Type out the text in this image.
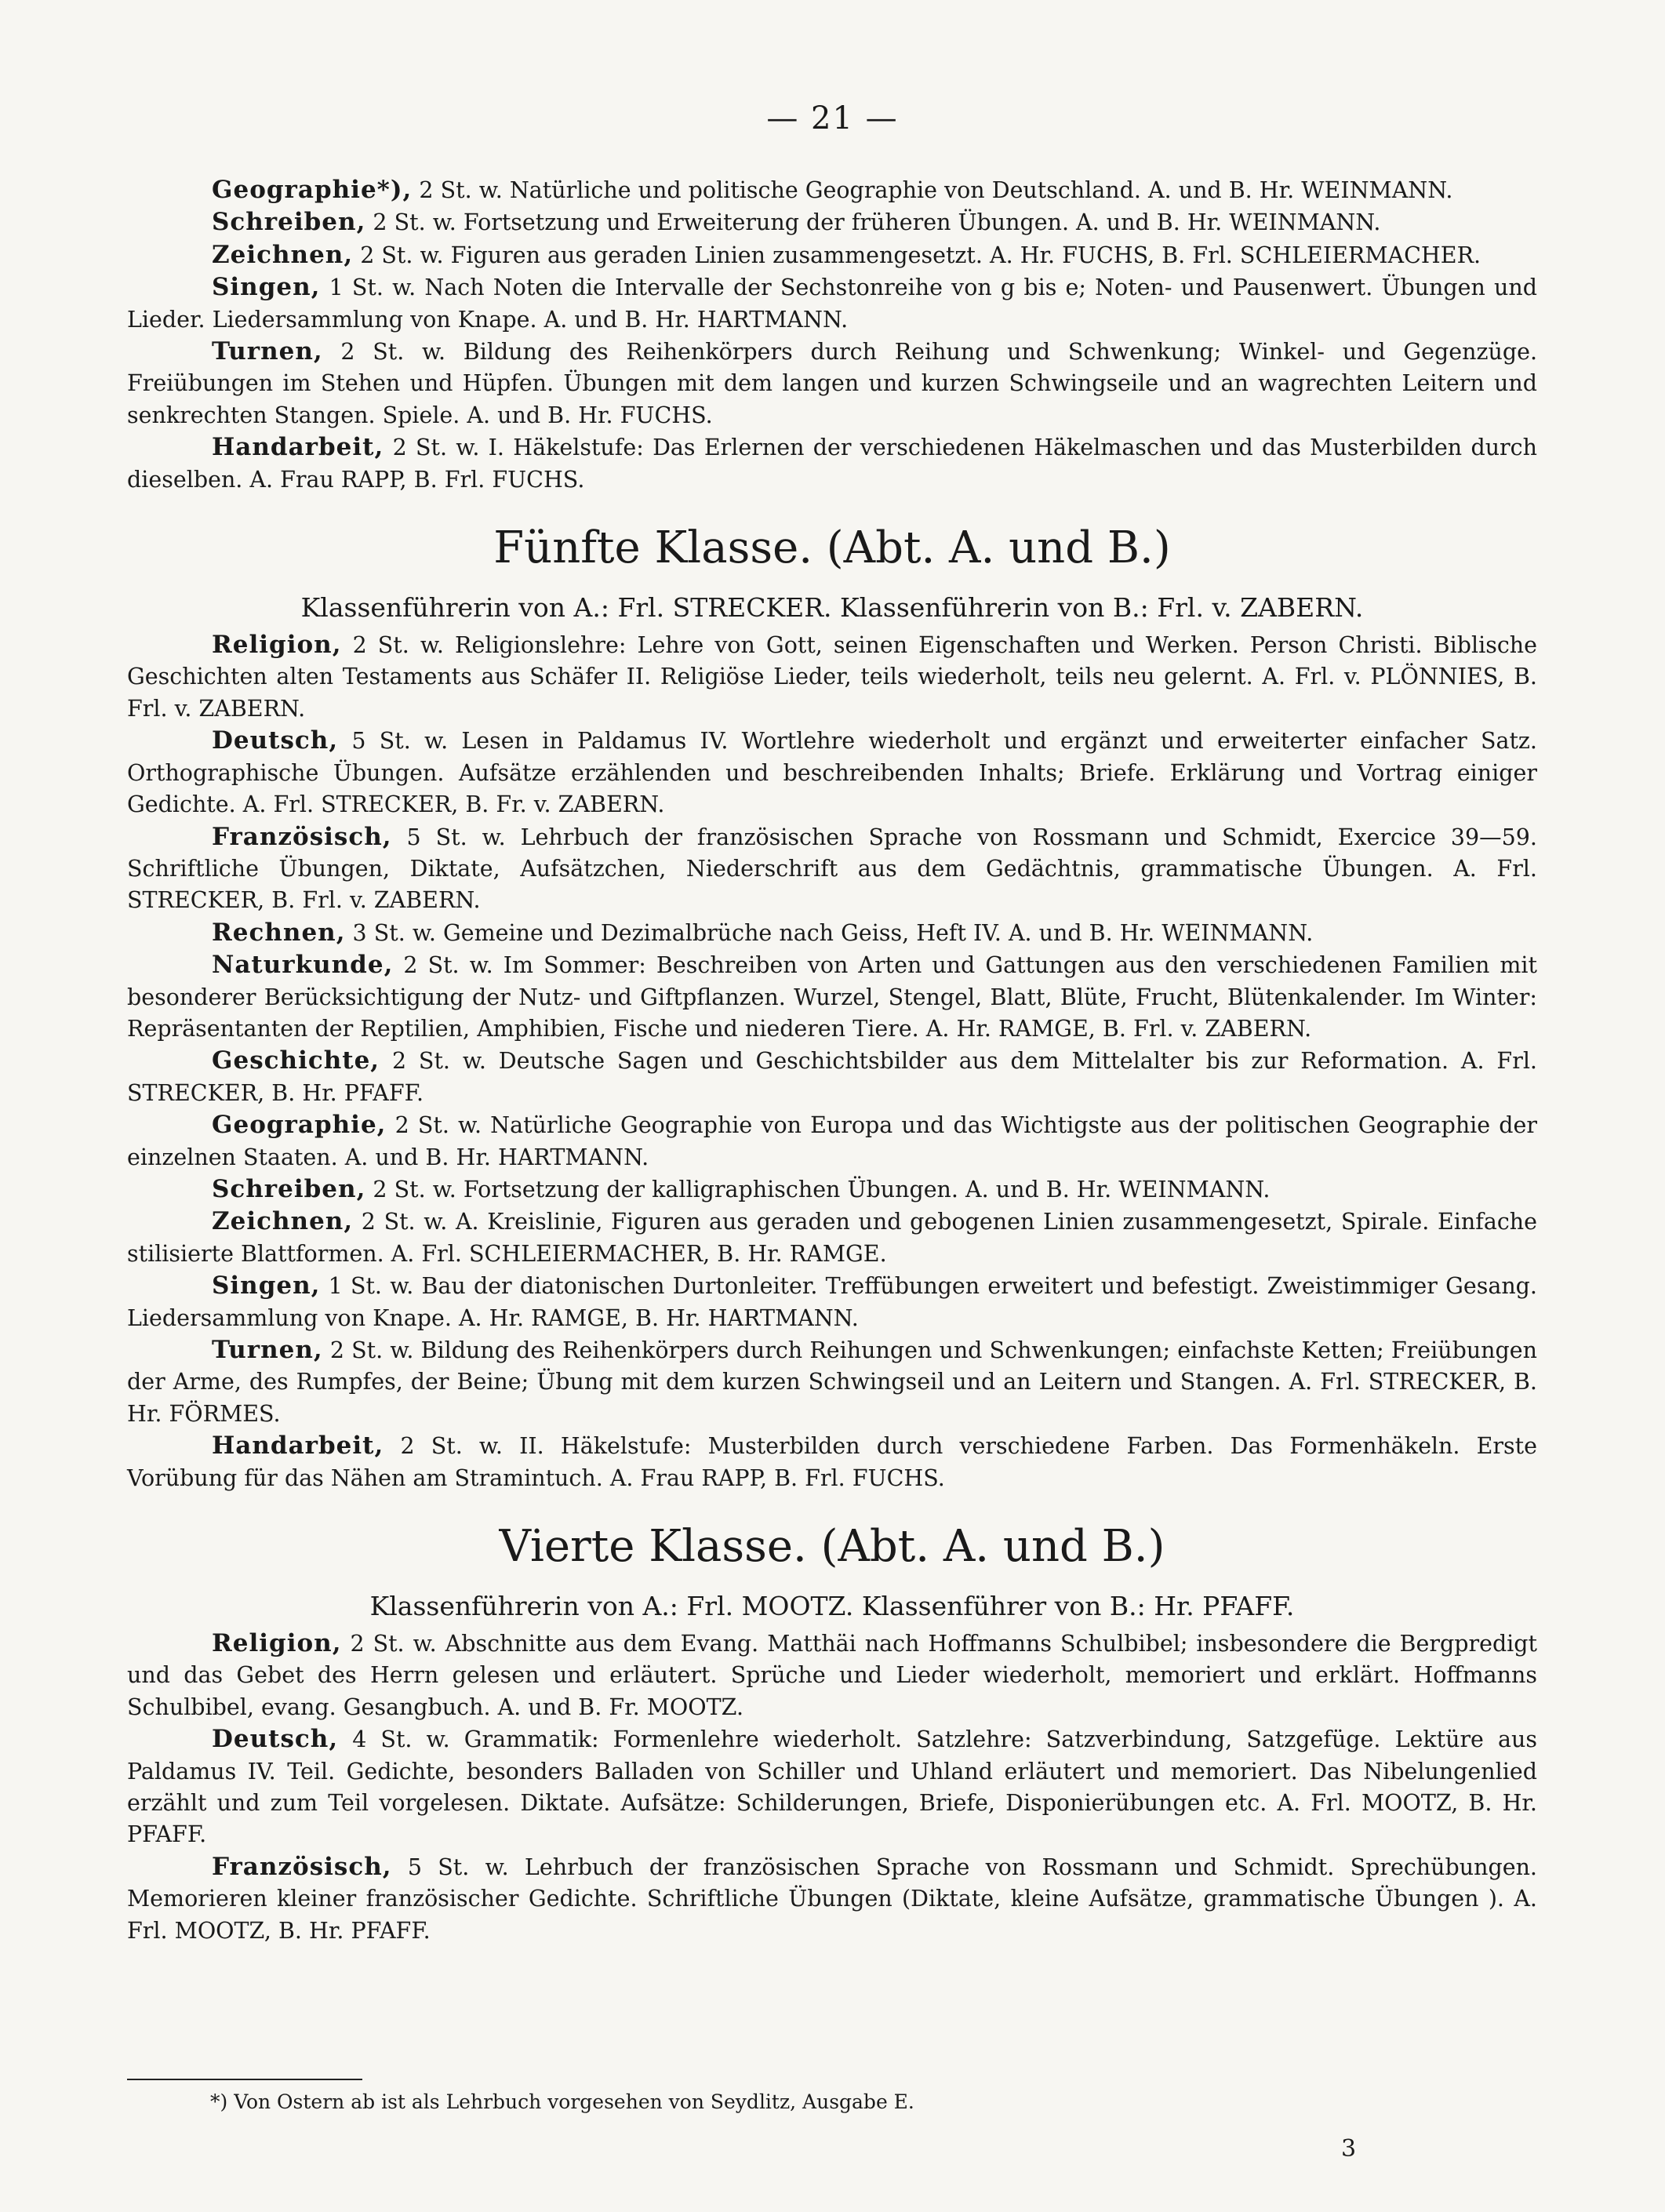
— 21 —

Geographie*), 2 St. w. Natürliche und politische Geographie von Deutschland. A. und B. Hr. WEINMANN.

Schreiben, 2 St. w. Fortsetzung und Erweiterung der früheren Übungen. A. und B. Hr. WEINMANN.

Zeichnen, 2 St. w. Figuren aus geraden Linien zusammengesetzt. A. Hr. FUCHS, B. Frl. SCHLEIERMACHER.

Singen, 1 St. w. Nach Noten die Intervalle der Sechstonreihe von g bis e; Noten- und Pausenwert. Übungen und Lieder. Liedersammlung von Knape. A. und B. Hr. HARTMANN.

Turnen, 2 St. w. Bildung des Reihenkörpers durch Reihung und Schwenkung; Winkel- und Gegenzüge. Freiübungen im Stehen und Hüpfen. Übungen mit dem langen und kurzen Schwingseile und an wagrechten Leitern und senkrechten Stangen. Spiele. A. und B. Hr. FUCHS.

Handarbeit, 2 St. w. I. Häkelstufe: Das Erlernen der verschiedenen Häkelmaschen und das Musterbilden durch dieselben. A. Frau RAPP, B. Frl. FUCHS.

Fünfte Klasse. (Abt. A. und B.)
Klassenführerin von A.: Frl. STRECKER. Klassenführerin von B.: Frl. v. ZABERN.

Religion, 2 St. w. Religionslehre: Lehre von Gott, seinen Eigenschaften und Werken. Person Christi. Biblische Geschichten alten Testaments aus Schäfer II. Religiöse Lieder, teils wiederholt, teils neu gelernt. A. Frl. v. PLÖNNIES, B. Frl. v. ZABERN.

Deutsch, 5 St. w. Lesen in Paldamus IV. Wortlehre wiederholt und ergänzt und erweiterter einfacher Satz. Orthographische Übungen. Aufsätze erzählenden und beschreibenden Inhalts; Briefe. Erklärung und Vortrag einiger Gedichte. A. Frl. STRECKER, B. Fr. v. ZABERN.

Französisch, 5 St. w. Lehrbuch der französischen Sprache von Rossmann und Schmidt, Exercice 39—59. Schriftliche Übungen, Diktate, Aufsätzchen, Niederschrift aus dem Gedächtnis, grammatische Übungen. A. Frl. STRECKER, B. Frl. v. ZABERN.

Rechnen, 3 St. w. Gemeine und Dezimalbrüche nach Geiss, Heft IV. A. und B. Hr. WEINMANN.

Naturkunde, 2 St. w. Im Sommer: Beschreiben von Arten und Gattungen aus den verschiedenen Familien mit besonderer Berücksichtigung der Nutz- und Giftpflanzen. Wurzel, Stengel, Blatt, Blüte, Frucht, Blütenkalender. Im Winter: Repräsentanten der Reptilien, Amphibien, Fische und niederen Tiere. A. Hr. RAMGE, B. Frl. v. ZABERN.

Geschichte, 2 St. w. Deutsche Sagen und Geschichtsbilder aus dem Mittelalter bis zur Reformation. A. Frl. STRECKER, B. Hr. PFAFF.

Geographie, 2 St. w. Natürliche Geographie von Europa und das Wichtigste aus der politischen Geographie der einzelnen Staaten. A. und B. Hr. HARTMANN.

Schreiben, 2 St. w. Fortsetzung der kalligraphischen Übungen. A. und B. Hr. WEINMANN.

Zeichnen, 2 St. w. A. Kreislinie, Figuren aus geraden und gebogenen Linien zusammengesetzt, Spirale. Einfache stilisierte Blattformen. A. Frl. SCHLEIERMACHER, B. Hr. RAMGE.

Singen, 1 St. w. Bau der diatonischen Durtonleiter. Treffübungen erweitert und befestigt. Zweistimmiger Gesang. Liedersammlung von Knape. A. Hr. RAMGE, B. Hr. HARTMANN.

Turnen, 2 St. w. Bildung des Reihenkörpers durch Reihungen und Schwenkungen; einfachste Ketten; Freiübungen der Arme, des Rumpfes, der Beine; Übung mit dem kurzen Schwingseil und an Leitern und Stangen. A. Frl. STRECKER, B. Hr. FÖRMES.

Handarbeit, 2 St. w. II. Häkelstufe: Musterbilden durch verschiedene Farben. Das Formenhäkeln. Erste Vorübung für das Nähen am Stramintuch. A. Frau RAPP, B. Frl. FUCHS.

Vierte Klasse. (Abt. A. und B.)
Klassenführerin von A.: Frl. MOOTZ. Klassenführer von B.: Hr. PFAFF.

Religion, 2 St. w. Abschnitte aus dem Evang. Matthäi nach Hoffmanns Schulbibel; insbesondere die Bergpredigt und das Gebet des Herrn gelesen und erläutert. Sprüche und Lieder wiederholt, memoriert und erklärt. Hoffmanns Schulbibel, evang. Gesangbuch. A. und B. Fr. MOOTZ.

Deutsch, 4 St. w. Grammatik: Formenlehre wiederholt. Satzlehre: Satzverbindung, Satzgefüge. Lektüre aus Paldamus IV. Teil. Gedichte, besonders Balladen von Schiller und Uhland erläutert und memoriert. Das Nibelungenlied erzählt und zum Teil vorgelesen. Diktate. Aufsätze: Schilderungen, Briefe, Disponierübungen etc. A. Frl. MOOTZ, B. Hr. PFAFF.

Französisch, 5 St. w. Lehrbuch der französischen Sprache von Rossmann und Schmidt. Sprechübungen. Memorieren kleiner französischer Gedichte. Schriftliche Übungen (Diktate, kleine Aufsätze, grammatische Übungen ). A. Frl. MOOTZ, B. Hr. PFAFF.

*) Von Ostern ab ist als Lehrbuch vorgesehen von Seydlitz, Ausgabe E.
3
